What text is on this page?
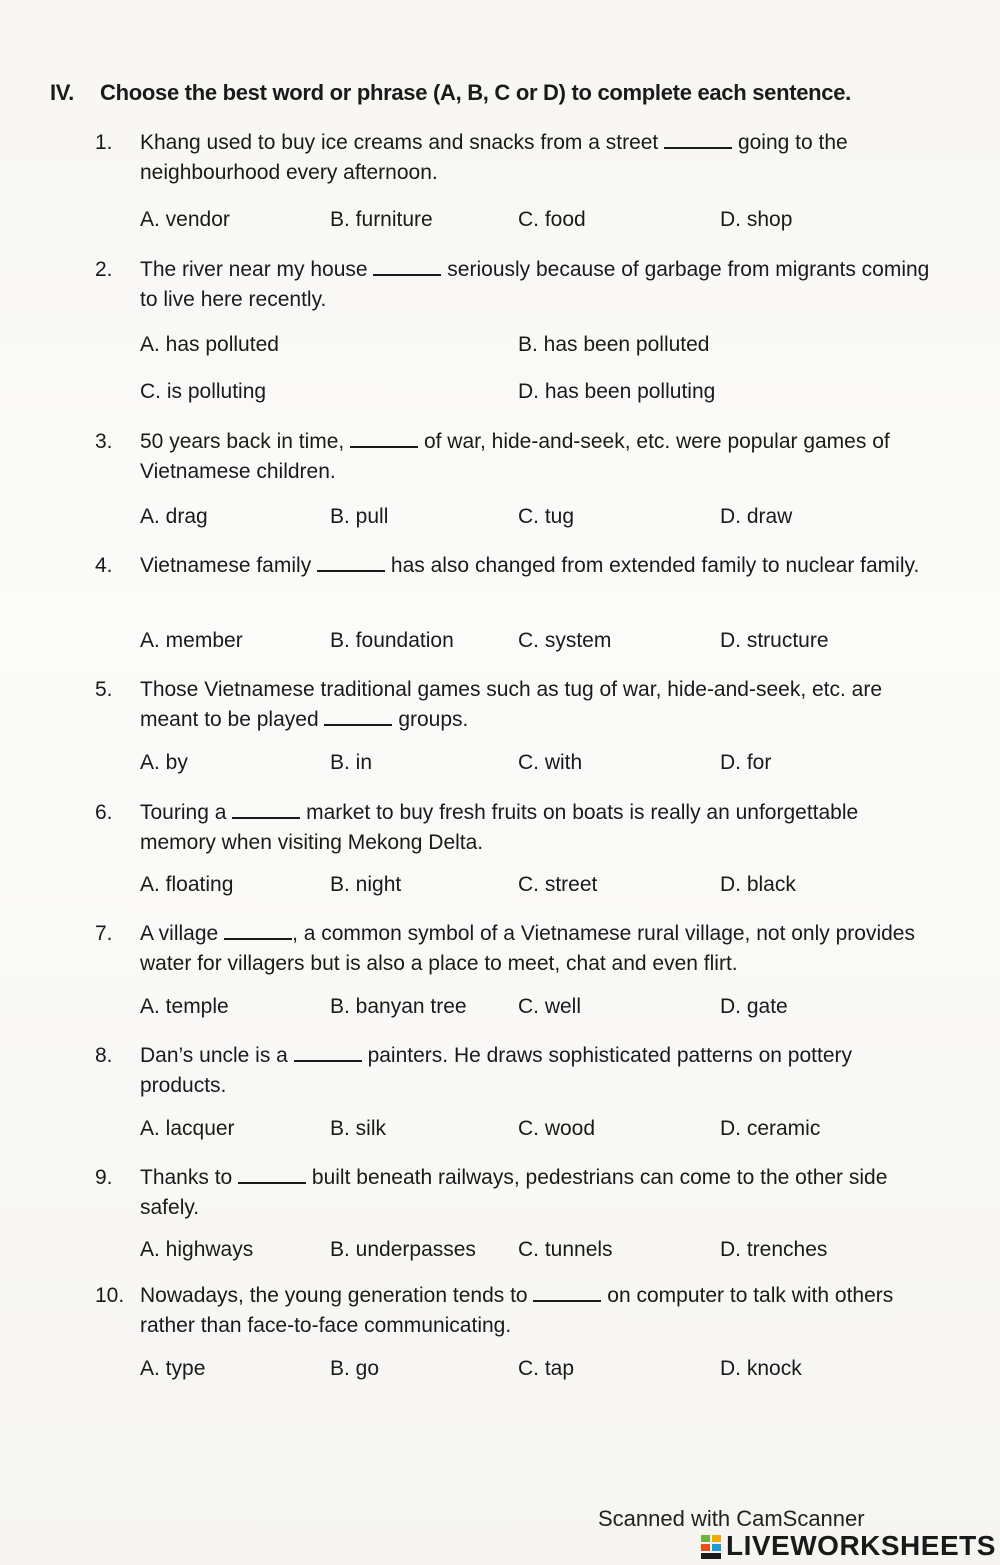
IV. Choose the best word or phrase (A, B, C or D) to complete each sentence.
1. Khang used to buy ice creams and snacks from a street	going to the neighbourhood every afternoon.
A. vendor	B. furniture	C. food	D. shop
2. The river near my house	seriously because of garbage from migrants coming to live here recently.
A. has polluted	B. has been polluted
C. is polluting	D. has been polluting
3. 50 years back in time,	of war, hide-and-seek, etc. were popular games of Vietnamese children.
A. drag	B. pull	C. tug	D. draw
4. Vietnamese family	has also changed from extended family to nuclear family.
A. member	B. foundation	C. system	D. structure
5. Those Vietnamese traditional games such as tug of war, hide-and-seek, etc. are meant to be played	groups.
A. by	B. in	C. with	D. for
6. Touring a	market to buy fresh fruits on boats is really an unforgettable memory when visiting Mekong Delta.
A. floating	B. night	C. street	D. black
7. A village	, a common symbol of a Vietnamese rural village, not only provides water for villagers but is also a place to meet, chat and even flirt.
A. temple	B. banyan tree C. well	D. gate
8. Dan’s uncle is a	painters. He draws sophisticated patterns on pottery products.
A. lacquer	B. silk	C. wood	D. ceramic
9. Thanks to	built beneath railways, pedestrians can come to the other side safely.
A. highways	B. underpasses C. tunnels	D. trenches
10. Nowadays, the young generation tends to	on computer to talk with others rather than face-to-face communicating.
A. type	B. go	C. tap	D. knock
Scanned with CamScanner
LIVEWORKSHEETS
